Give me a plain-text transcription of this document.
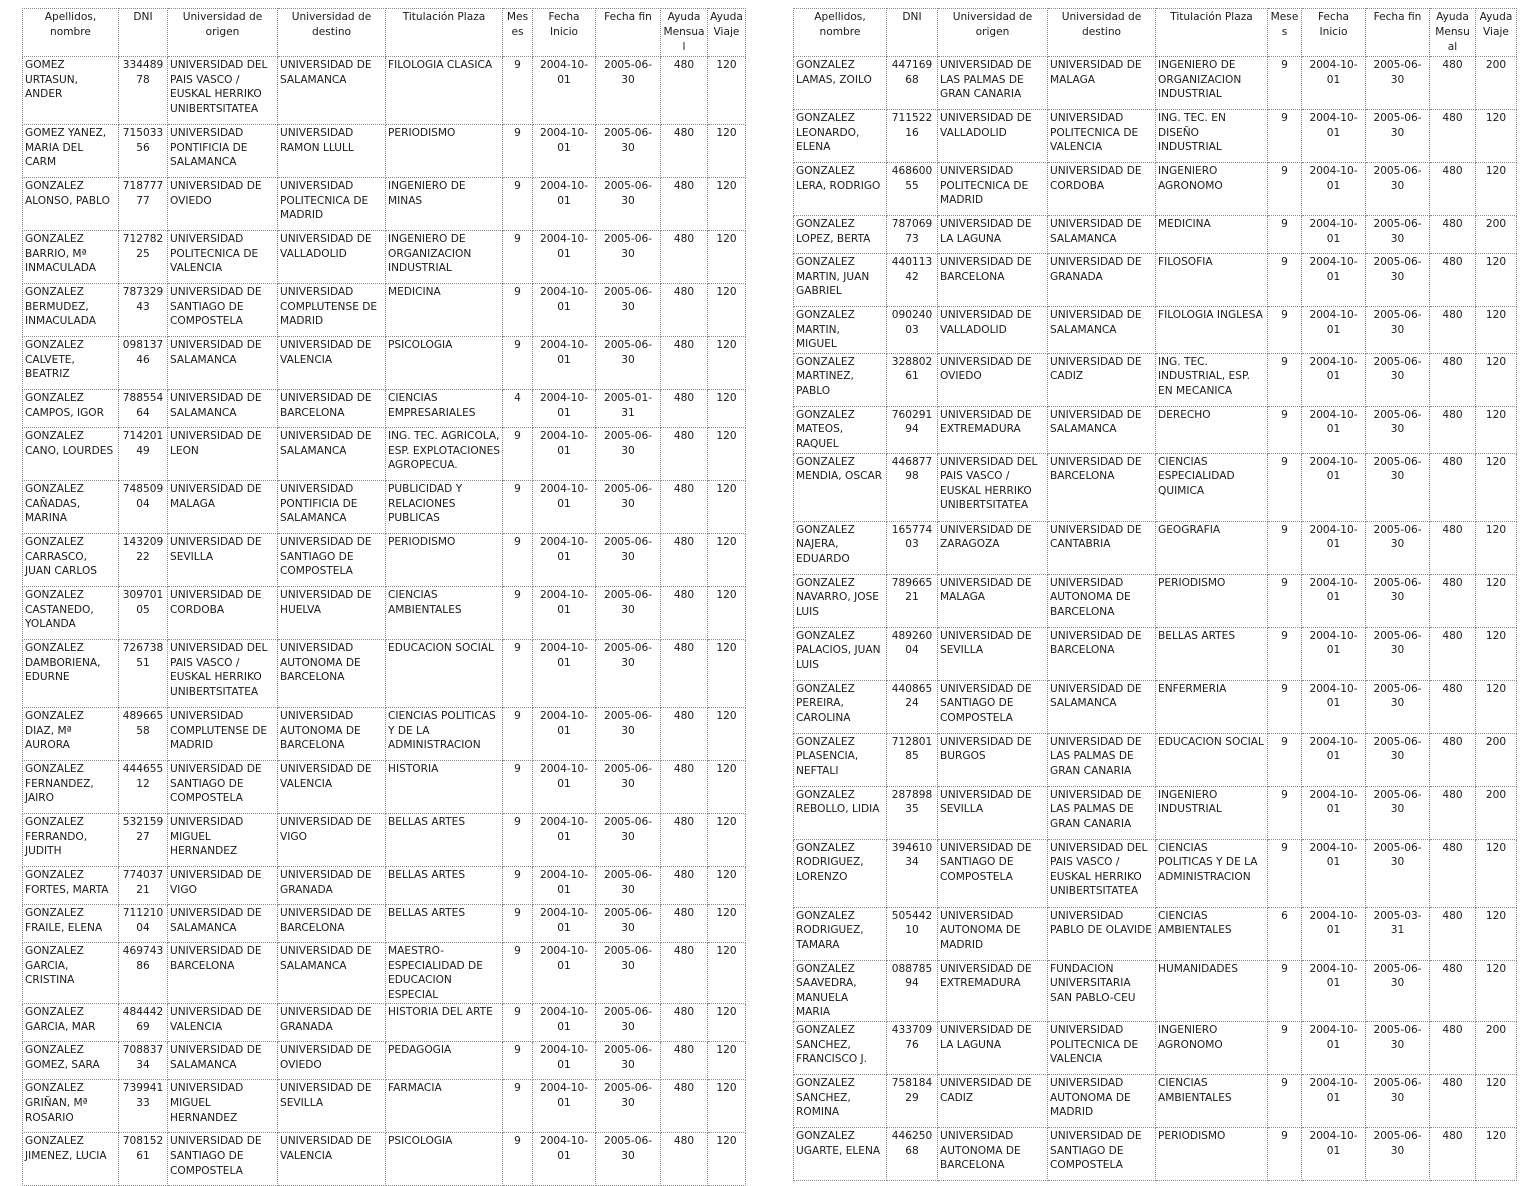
Apellidos, nombre	DNI	Universidad de origen	Universidad de destino	Titulación Plaza	Meses	Fecha Inicio	Fecha fin	Ayuda Mensual	Ayuda Viaje
GOMEZ URTASUN, ANDER	33448978	UNIVERSIDAD DEL PAIS VASCO / EUSKAL HERRIKO UNIBERTSITATEA	UNIVERSIDAD DE SALAMANCA	FILOLOGIA CLASICA	9	2004-10-01	2005-06-30	480	120
GOMEZ YANEZ, MARIA DEL CARM	71503356	UNIVERSIDAD PONTIFICIA DE SALAMANCA	UNIVERSIDAD RAMON LLULL	PERIODISMO	9	2004-10-01	2005-06-30	480	120
GONZALEZ ALONSO, PABLO	71877777	UNIVERSIDAD DE OVIEDO	UNIVERSIDAD POLITECNICA DE MADRID	INGENIERO DE MINAS	9	2004-10-01	2005-06-30	480	120
GONZALEZ BARRIO, Mª INMACULADA	71278225	UNIVERSIDAD POLITECNICA DE VALENCIA	UNIVERSIDAD DE VALLADOLID	INGENIERO DE ORGANIZACION INDUSTRIAL	9	2004-10-01	2005-06-30	480	120
GONZALEZ BERMUDEZ, INMACULADA	78732943	UNIVERSIDAD DE SANTIAGO DE COMPOSTELA	UNIVERSIDAD COMPLUTENSE DE MADRID	MEDICINA	9	2004-10-01	2005-06-30	480	120
GONZALEZ CALVETE, BEATRIZ	09813746	UNIVERSIDAD DE SALAMANCA	UNIVERSIDAD DE VALENCIA	PSICOLOGIA	9	2004-10-01	2005-06-30	480	120
GONZALEZ CAMPOS, IGOR	78855464	UNIVERSIDAD DE SALAMANCA	UNIVERSIDAD DE BARCELONA	CIENCIAS EMPRESARIALES	4	2004-10-01	2005-01-31	480	120
GONZALEZ CANO, LOURDES	71420149	UNIVERSIDAD DE LEON	UNIVERSIDAD DE SALAMANCA	ING. TEC. AGRICOLA, ESP. EXPLOTACIONES AGROPECUA.	9	2004-10-01	2005-06-30	480	120
GONZALEZ CAÑADAS, MARINA	74850904	UNIVERSIDAD DE MALAGA	UNIVERSIDAD PONTIFICIA DE SALAMANCA	PUBLICIDAD Y RELACIONES PUBLICAS	9	2004-10-01	2005-06-30	480	120
GONZALEZ CARRASCO, JUAN CARLOS	14320922	UNIVERSIDAD DE SEVILLA	UNIVERSIDAD DE SANTIAGO DE COMPOSTELA	PERIODISMO	9	2004-10-01	2005-06-30	480	120
GONZALEZ CASTANEDO, YOLANDA	30970105	UNIVERSIDAD DE CORDOBA	UNIVERSIDAD DE HUELVA	CIENCIAS AMBIENTALES	9	2004-10-01	2005-06-30	480	120
GONZALEZ DAMBORIENA, EDURNE	72673851	UNIVERSIDAD DEL PAIS VASCO / EUSKAL HERRIKO UNIBERTSITATEA	UNIVERSIDAD AUTONOMA DE BARCELONA	EDUCACION SOCIAL	9	2004-10-01	2005-06-30	480	120
GONZALEZ DIAZ, Mª AURORA	48966558	UNIVERSIDAD COMPLUTENSE DE MADRID	UNIVERSIDAD AUTONOMA DE BARCELONA	CIENCIAS POLITICAS Y DE LA ADMINISTRACION	9	2004-10-01	2005-06-30	480	120
GONZALEZ FERNANDEZ, JAIRO	44465512	UNIVERSIDAD DE SANTIAGO DE COMPOSTELA	UNIVERSIDAD DE VALENCIA	HISTORIA	9	2004-10-01	2005-06-30	480	120
GONZALEZ FERRANDO, JUDITH	53215927	UNIVERSIDAD MIGUEL HERNANDEZ	UNIVERSIDAD DE VIGO	BELLAS ARTES	9	2004-10-01	2005-06-30	480	120
GONZALEZ FORTES, MARTA	77403721	UNIVERSIDAD DE VIGO	UNIVERSIDAD DE GRANADA	BELLAS ARTES	9	2004-10-01	2005-06-30	480	120
GONZALEZ FRAILE, ELENA	71121004	UNIVERSIDAD DE SALAMANCA	UNIVERSIDAD DE BARCELONA	BELLAS ARTES	9	2004-10-01	2005-06-30	480	120
GONZALEZ GARCIA, CRISTINA	46974386	UNIVERSIDAD DE BARCELONA	UNIVERSIDAD DE SALAMANCA	MAESTRO-ESPECIALIDAD DE EDUCACION ESPECIAL	9	2004-10-01	2005-06-30	480	120
GONZALEZ GARCIA, MAR	48444269	UNIVERSIDAD DE VALENCIA	UNIVERSIDAD DE GRANADA	HISTORIA DEL ARTE	9	2004-10-01	2005-06-30	480	120
GONZALEZ GOMEZ, SARA	70883734	UNIVERSIDAD DE SALAMANCA	UNIVERSIDAD DE OVIEDO	PEDAGOGIA	9	2004-10-01	2005-06-30	480	120
GONZALEZ GRIÑAN, Mª ROSARIO	73994133	UNIVERSIDAD MIGUEL HERNANDEZ	UNIVERSIDAD DE SEVILLA	FARMACIA	9	2004-10-01	2005-06-30	480	120
GONZALEZ JIMENEZ, LUCIA	70815261	UNIVERSIDAD DE SANTIAGO DE COMPOSTELA	UNIVERSIDAD DE VALENCIA	PSICOLOGIA	9	2004-10-01	2005-06-30	480	120
Apellidos, nombre	DNI	Universidad de origen	Universidad de destino	Titulación Plaza	Meses	Fecha Inicio	Fecha fin	Ayuda Mensual	Ayuda Viaje
GONZALEZ LAMAS, ZOILO	44716968	UNIVERSIDAD DE LAS PALMAS DE GRAN CANARIA	UNIVERSIDAD DE MALAGA	INGENIERO DE ORGANIZACION INDUSTRIAL	9	2004-10-01	2005-06-30	480	200
GONZALEZ LEONARDO, ELENA	71152216	UNIVERSIDAD DE VALLADOLID	UNIVERSIDAD POLITECNICA DE VALENCIA	ING. TEC. EN DISEÑO INDUSTRIAL	9	2004-10-01	2005-06-30	480	120
GONZALEZ LERA, RODRIGO	46860055	UNIVERSIDAD POLITECNICA DE MADRID	UNIVERSIDAD DE CORDOBA	INGENIERO AGRONOMO	9	2004-10-01	2005-06-30	480	120
GONZALEZ LOPEZ, BERTA	78706973	UNIVERSIDAD DE LA LAGUNA	UNIVERSIDAD DE SALAMANCA	MEDICINA	9	2004-10-01	2005-06-30	480	200
GONZALEZ MARTIN, JUAN GABRIEL	44011342	UNIVERSIDAD DE BARCELONA	UNIVERSIDAD DE GRANADA	FILOSOFIA	9	2004-10-01	2005-06-30	480	120
GONZALEZ MARTIN, MIGUEL	09024003	UNIVERSIDAD DE VALLADOLID	UNIVERSIDAD DE SALAMANCA	FILOLOGIA INGLESA	9	2004-10-01	2005-06-30	480	120
GONZALEZ MARTINEZ, PABLO	32880261	UNIVERSIDAD DE OVIEDO	UNIVERSIDAD DE CADIZ	ING. TEC. INDUSTRIAL, ESP. EN MECANICA	9	2004-10-01	2005-06-30	480	120
GONZALEZ MATEOS, RAQUEL	76029194	UNIVERSIDAD DE EXTREMADURA	UNIVERSIDAD DE SALAMANCA	DERECHO	9	2004-10-01	2005-06-30	480	120
GONZALEZ MENDIA, OSCAR	44687798	UNIVERSIDAD DEL PAIS VASCO / EUSKAL HERRIKO UNIBERTSITATEA	UNIVERSIDAD DE BARCELONA	CIENCIAS ESPECIALIDAD QUIMICA	9	2004-10-01	2005-06-30	480	120
GONZALEZ NAJERA, EDUARDO	16577403	UNIVERSIDAD DE ZARAGOZA	UNIVERSIDAD DE CANTABRIA	GEOGRAFIA	9	2004-10-01	2005-06-30	480	120
GONZALEZ NAVARRO, JOSE LUIS	78966521	UNIVERSIDAD DE MALAGA	UNIVERSIDAD AUTONOMA DE BARCELONA	PERIODISMO	9	2004-10-01	2005-06-30	480	120
GONZALEZ PALACIOS, JUAN LUIS	48926004	UNIVERSIDAD DE SEVILLA	UNIVERSIDAD DE BARCELONA	BELLAS ARTES	9	2004-10-01	2005-06-30	480	120
GONZALEZ PEREIRA, CAROLINA	44086524	UNIVERSIDAD DE SANTIAGO DE COMPOSTELA	UNIVERSIDAD DE SALAMANCA	ENFERMERIA	9	2004-10-01	2005-06-30	480	120
GONZALEZ PLASENCIA, NEFTALI	71280185	UNIVERSIDAD DE BURGOS	UNIVERSIDAD DE LAS PALMAS DE GRAN CANARIA	EDUCACION SOCIAL	9	2004-10-01	2005-06-30	480	200
GONZALEZ REBOLLO, LIDIA	28789835	UNIVERSIDAD DE SEVILLA	UNIVERSIDAD DE LAS PALMAS DE GRAN CANARIA	INGENIERO INDUSTRIAL	9	2004-10-01	2005-06-30	480	200
GONZALEZ RODRIGUEZ, LORENZO	39461034	UNIVERSIDAD DE SANTIAGO DE COMPOSTELA	UNIVERSIDAD DEL PAIS VASCO / EUSKAL HERRIKO UNIBERTSITATEA	CIENCIAS POLITICAS Y DE LA ADMINISTRACION	9	2004-10-01	2005-06-30	480	120
GONZALEZ RODRIGUEZ, TAMARA	50544210	UNIVERSIDAD AUTONOMA DE MADRID	UNIVERSIDAD PABLO DE OLAVIDE	CIENCIAS AMBIENTALES	6	2004-10-01	2005-03-31	480	120
GONZALEZ SAAVEDRA, MANUELA MARIA	08878594	UNIVERSIDAD DE EXTREMADURA	FUNDACION UNIVERSITARIA SAN PABLO-CEU	HUMANIDADES	9	2004-10-01	2005-06-30	480	120
GONZALEZ SANCHEZ, FRANCISCO J.	43370976	UNIVERSIDAD DE LA LAGUNA	UNIVERSIDAD POLITECNICA DE VALENCIA	INGENIERO AGRONOMO	9	2004-10-01	2005-06-30	480	200
GONZALEZ SANCHEZ, ROMINA	75818429	UNIVERSIDAD DE CADIZ	UNIVERSIDAD AUTONOMA DE MADRID	CIENCIAS AMBIENTALES	9	2004-10-01	2005-06-30	480	120
GONZALEZ UGARTE, ELENA	44625068	UNIVERSIDAD AUTONOMA DE BARCELONA	UNIVERSIDAD DE SANTIAGO DE COMPOSTELA	PERIODISMO	9	2004-10-01	2005-06-30	480	120
